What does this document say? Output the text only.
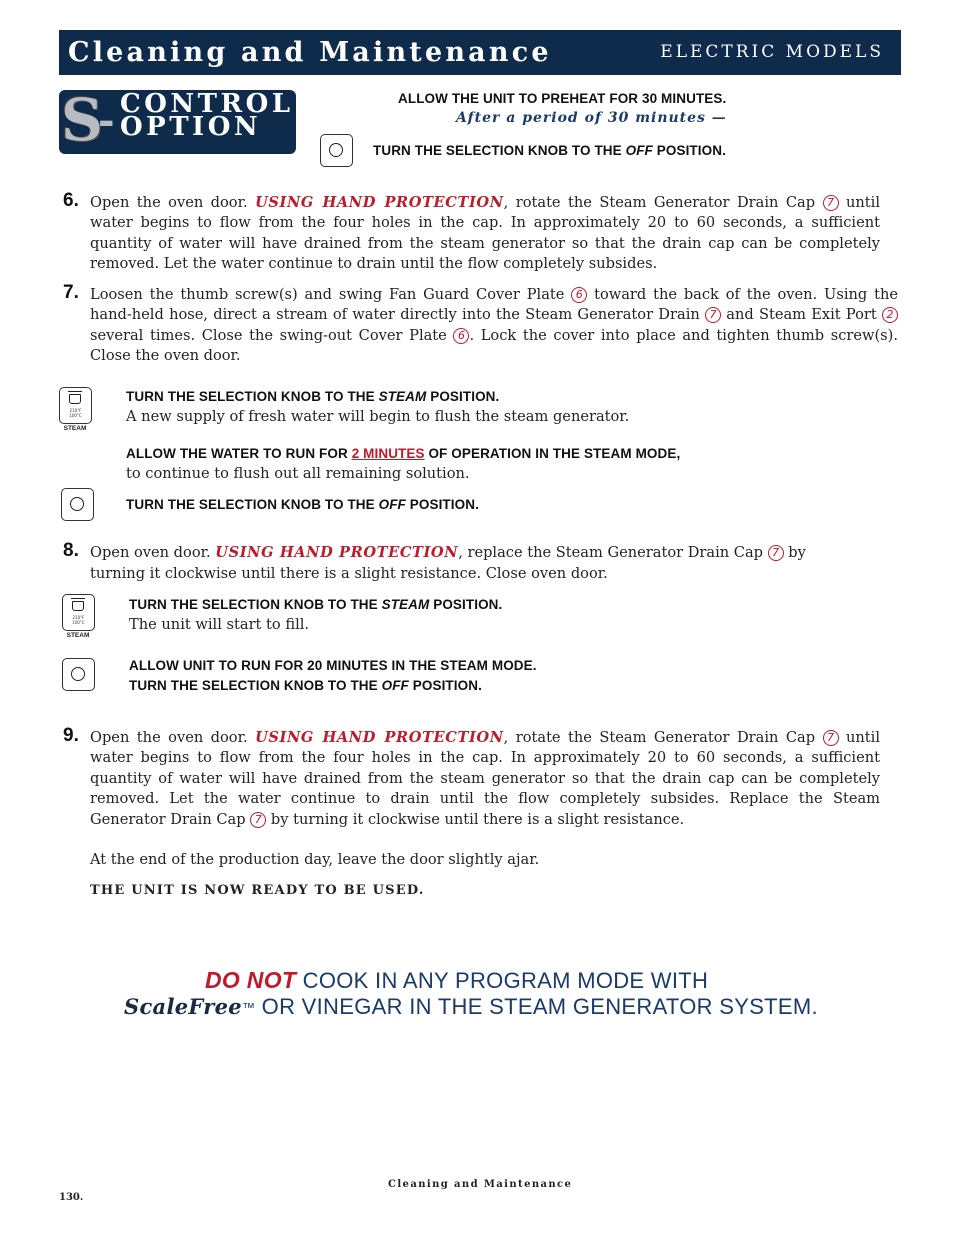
Cleaning and Maintenance	ELECTRIC MODELS
S
- CONTROL
OPTION
ALLOW THE UNIT TO PREHEAT FOR 30 MINUTES.
After a period of 30 minutes —
TURN THE SELECTION KNOB TO THE OFF POSITION.
6. Open the oven door. USING HAND PROTECTION, rotate the Steam Generator Drain Cap 7 until water begins to flow from the four holes in the cap. In approximately 20 to 60 seconds, a sufficient quantity of water will have drained from the steam generator so that the drain cap can be completely removed. Let the water continue to drain until the flow completely subsides.
7. Loosen the thumb screw(s) and swing Fan Guard Cover Plate 6 toward the back of the oven. Using the hand-held hose, direct a stream of water directly into the Steam Generator Drain 7 and Steam Exit Port 2 several times. Close the swing-out Cover Plate 6 . Lock the cover into place and tighten thumb screw(s). Close the oven door.
210°F
100°C
STEAM
TURN THE SELECTION KNOB TO THE STEAM POSITION.
A new supply of fresh water will begin to flush the steam generator.
ALLOW THE WATER TO RUN FOR 2 MINUTES OF OPERATION IN THE STEAM MODE,
to continue to flush out all remaining solution.
TURN THE SELECTION KNOB TO THE OFF POSITION.
8. Open oven door. USING HAND PROTECTION, replace the Steam Generator Drain Cap 7 by
turning it clockwise until there is a slight resistance. Close oven door.
210°F
100°C
STEAM
TURN THE SELECTION KNOB TO THE STEAM POSITION.
The unit will start to fill.
ALLOW UNIT TO RUN FOR 20 MINUTES IN THE STEAM MODE.
TURN THE SELECTION KNOB TO THE OFF POSITION.
9. Open the oven door. USING HAND PROTECTION, rotate the Steam Generator Drain Cap 7 until water begins to flow from the four holes in the cap. In approximately 20 to 60 seconds, a sufficient quantity of water will have drained from the steam generator so that the drain cap can be completely removed. Let the water continue to drain until the flow completely subsides. Replace the Steam Generator Drain Cap 7 by turning it clockwise until there is a slight resistance.
At the end of the production day, leave the door slightly ajar.
THE UNIT IS NOW READY TO BE USED.
DO NOT COOK IN ANY PROGRAM MODE WITH
ScaleFree™ OR VINEGAR IN THE STEAM GENERATOR SYSTEM.
Cleaning and Maintenance
130.
